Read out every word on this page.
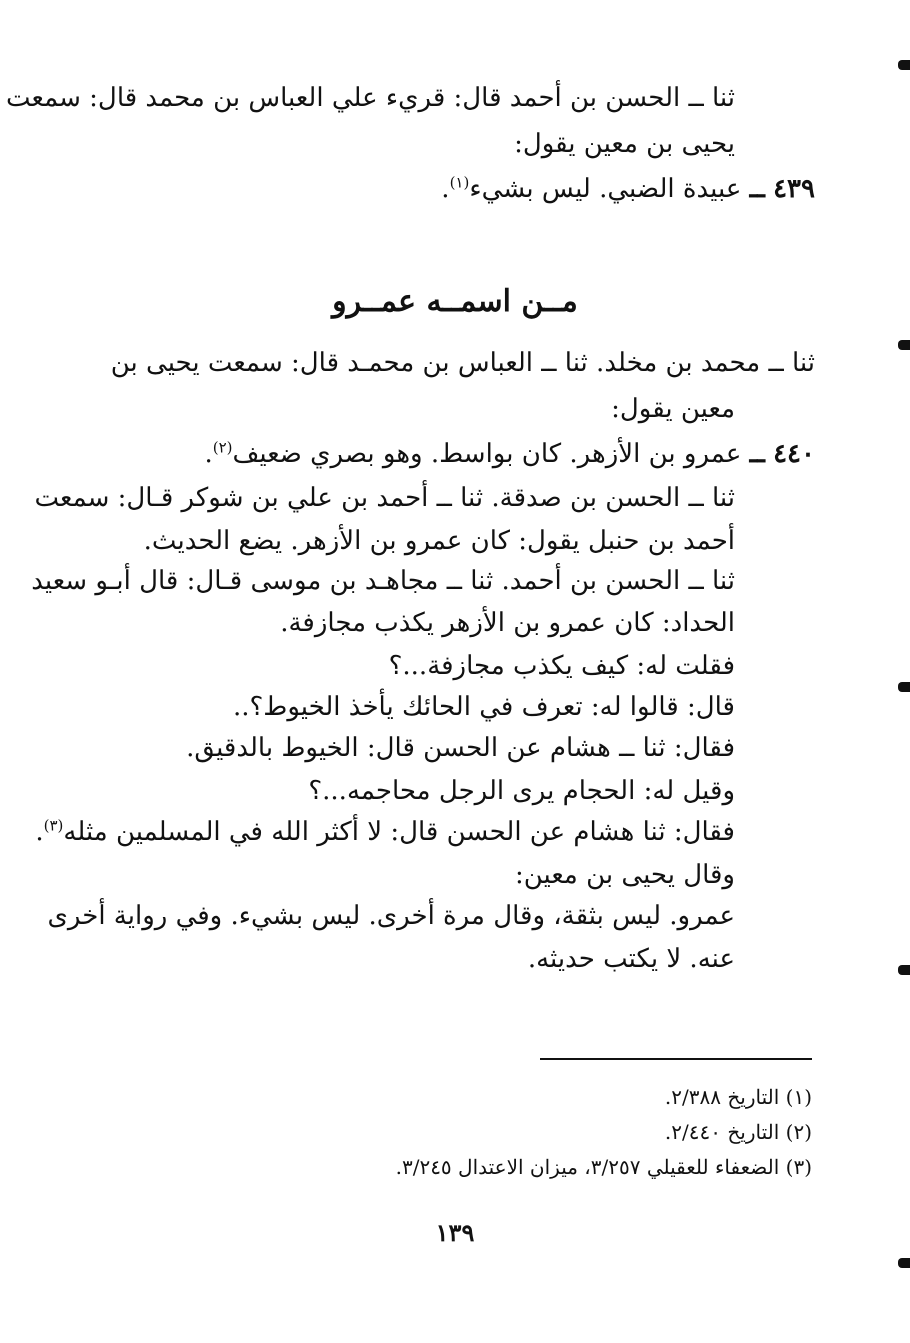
ثنا ــ الحسن بن أحمد قال: قريء علي العباس بن محمد قال: سمعت
يحيى بن معين يقول:
٤٣٩ ــ عبيدة الضبي. ليس بشيء$^{(١)}$.
مــن اسمــه عمــرو
ثنا ــ محمد بن مخلد. ثنا ــ العباس بن محمـد قال: سمعت يحيى بن
معين يقول:
٤٤٠ ــ عمرو بن الأزهر. كان بواسط. وهو بصري ضعيف$^{(٢)}$.
ثنا ــ الحسن بن صدقة. ثنا ــ أحمد بن علي بن شوكر قـال: سمعت
أحمد بن حنبل يقول: كان عمرو بن الأزهر. يضع الحديث.
ثنا ــ الحسن بن أحمد. ثنا ــ مجاهـد بن موسى قـال: قال أبـو سعيد
الحداد: كان عمرو بن الأزهر يكذب مجازفة.
فقلت له: كيف يكذب مجازفة...؟
قال: قالوا له: تعرف في الحائك يأخذ الخيوط؟..
فقال: ثنا ــ هشام عن الحسن قال: الخيوط بالدقيق.
وقيل له: الحجام يرى الرجل محاجمه...؟
فقال: ثنا هشام عن الحسن قال: لا أكثر الله في المسلمين مثله$^{(٣)}$.
وقال يحيى بن معين:
عمرو. ليس بثقة، وقال مرة أخرى. ليس بشيء. وفي رواية أخرى
عنه. لا يكتب حديثه.
(١) التاريخ ٢/٣٨٨.
(٢) التاريخ ٢/٤٤٠.
(٣) الضعفاء للعقيلي ٣/٢٥٧، ميزان الاعتدال ٣/٢٤٥.
١٣٩
